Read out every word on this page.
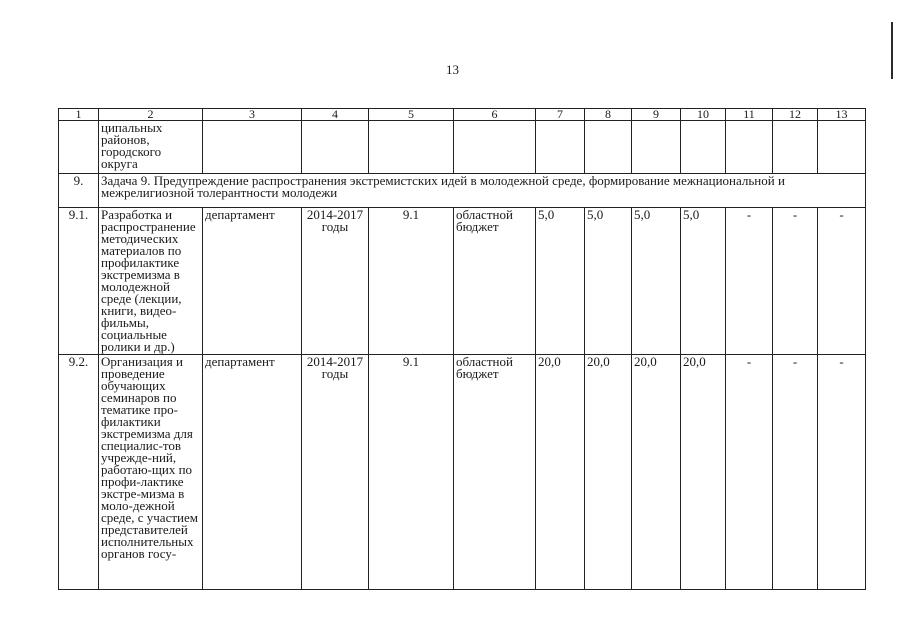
13
1	2	3	4	5	6	7	8	9	10	11	12	13
	ципальных районов, городского округа											
9.	Задача 9. Предупреждение распространения экстремистских идей в молодежной среде, формирование межнациональной и межрелигиозной толерантности молодежи											
9.1.	Разработка и распространение методических материалов по профилактике экстремизма в молодежной среде (лекции, книги, видео-фильмы, социальные ролики и др.)	департамент	2014-2017 годы	9.1	областной бюджет	5,0	5,0	5,0	5,0	-	-	-
9.2.	Организация и проведение обучающих семинаров по тематике про-филактики экстремизма для специалис-тов учрежде-ний, работаю-щих по профи-лактике экстре-мизма в моло-дежной среде, с участием представителей исполнительных органов госу-	департамент	2014-2017 годы	9.1	областной бюджет	20,0	20,0	20,0	20,0	-	-	-
